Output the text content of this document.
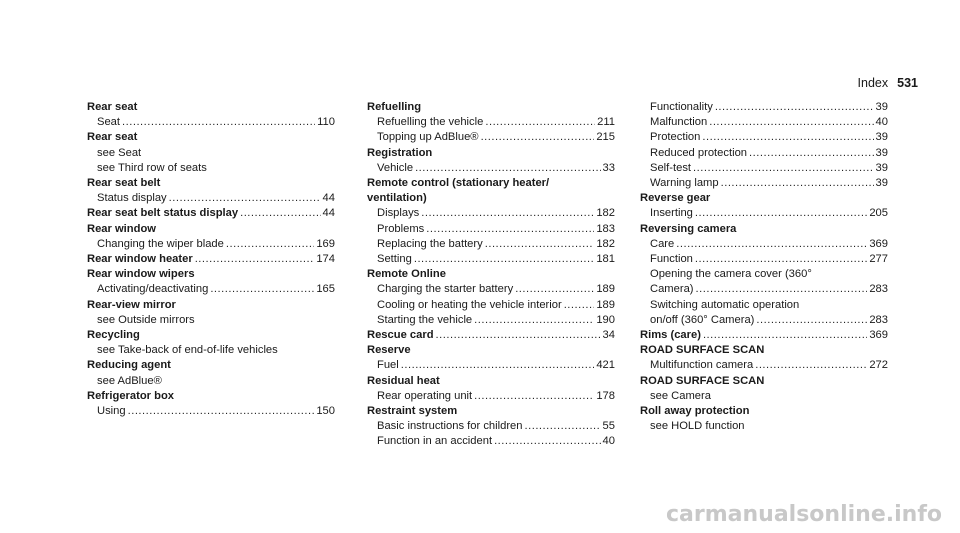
Index 531
Rear seat
Seat .....	110
Rear seat
see Seat
see Third row of seats
Rear seat belt
Status display .....	44
Rear seat belt status display .....	44
Rear window
Changing the wiper blade .....	169
Rear window heater .....	174
Rear window wipers
Activating/deactivating .....	165
Rear-view mirror
see Outside mirrors
Recycling
see Take-back of end-of-life vehicles
Reducing agent
see AdBlue®
Refrigerator box
Using .....	150
Refuelling
Refuelling the vehicle .....	211
Topping up AdBlue® .....	215
Registration
Vehicle .....	33
Remote control (stationary heater/
ventilation)
Displays .....	182
Problems .....	183
Replacing the battery .....	182
Setting .....	181
Remote Online
Charging the starter battery .....	189
Cooling or heating the vehicle interior .....	189
Starting the vehicle .....	190
Rescue card .....	34
Reserve
Fuel .....	421
Residual heat
Rear operating unit .....	178
Restraint system
Basic instructions for children .....	55
Function in an accident .....	40
Functionality .....	39
Malfunction .....	40
Protection .....	39
Reduced protection .....	39
Self-test .....	39
Warning lamp .....	39
Reverse gear
Inserting .....	205
Reversing camera
Care .....	369
Function .....	277
Opening the camera cover (360°
Camera) .....	283
Switching automatic operation
on/off (360° Camera) .....	283
Rims (care) .....	369
ROAD SURFACE SCAN
Multifunction camera .....	272
ROAD SURFACE SCAN
see Camera
Roll away protection
see HOLD function
carmanualsonline.info
